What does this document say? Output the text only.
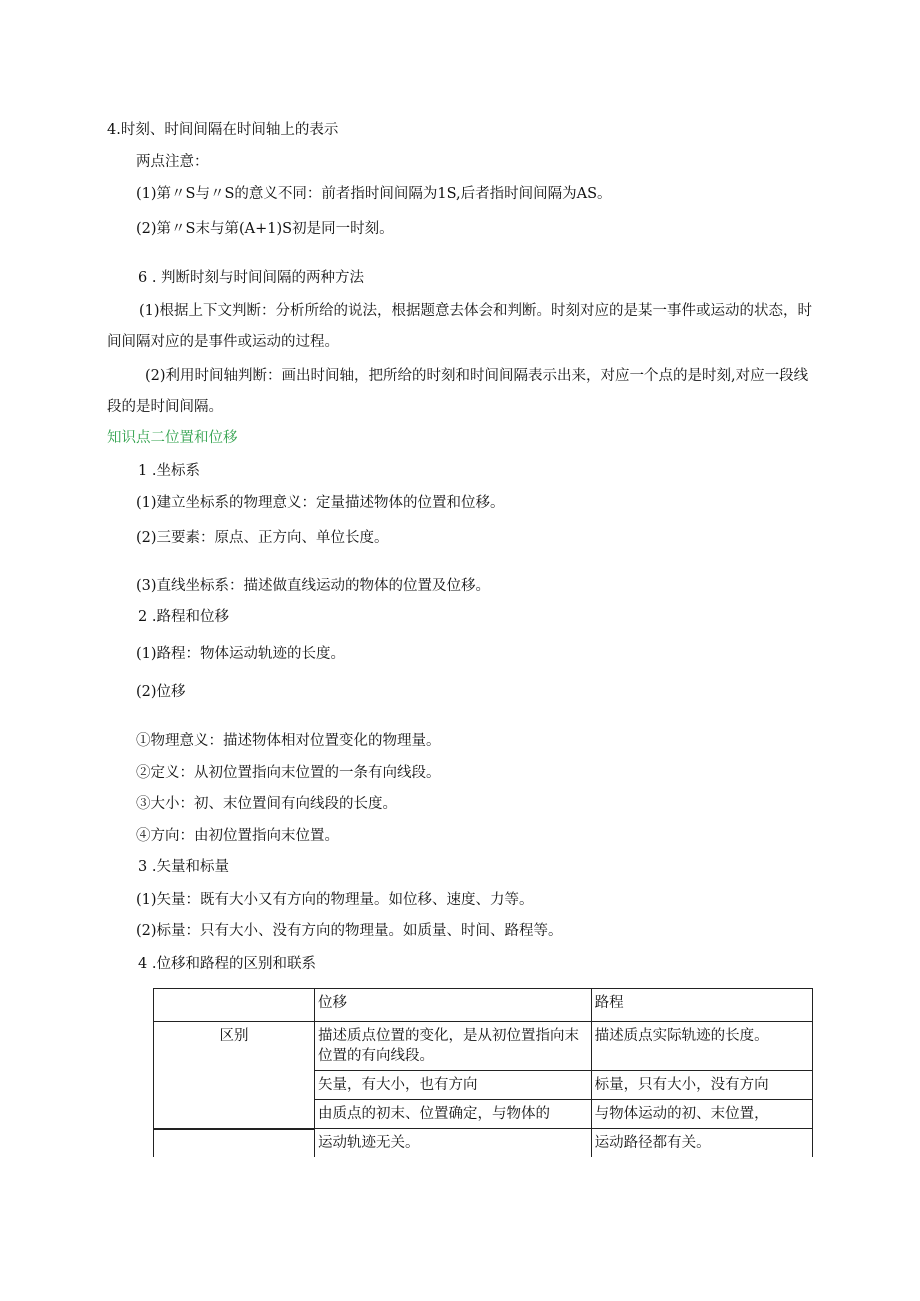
4.时刻、时间间隔在时间轴上的表示
两点注意：
(1)第〃S与〃S的意义不同：前者指时间间隔为1S,后者指时间间隔为AS。
(2)第〃S末与第(A+1)S初是同一时刻。
6 . 判断时刻与时间间隔的两种方法
(1)根据上下文判断：分析所给的说法，根据题意去体会和判断。时刻对应的是某一事件或运动的状态，时
间间隔对应的是事件或运动的过程。
(2)利用时间轴判断：画出时间轴，把所给的时刻和时间间隔表示出来，对应一个点的是时刻,对应一段线
段的是时间间隔。
知识点二位置和位移
1 .坐标系
(1)建立坐标系的物理意义：定量描述物体的位置和位移。
(2)三要素：原点、正方向、单位长度。
(3)直线坐标系：描述做直线运动的物体的位置及位移。
2 .路程和位移
(1)路程：物体运动轨迹的长度。
(2)位移
①物理意义：描述物体相对位置变化的物理量。
②定义：从初位置指向末位置的一条有向线段。
③大小：初、末位置间有向线段的长度。
④方向：由初位置指向末位置。
3 .矢量和标量
(1)矢量：既有大小又有方向的物理量。如位移、速度、力等。
(2)标量：只有大小、没有方向的物理量。如质量、时间、路程等。
4 .位移和路程的区别和联系
	位移	路程
区别	描述质点位置的变化，是从初位置指向末位置的有向线段。	描述质点实际轨迹的长度。
	矢量，有大小，也有方向	标量，只有大小，没有方向
	由质点的初末、位置确定，与物体的	与物体运动的初、末位置，
	运动轨迹无关。	运动路径都有关。
